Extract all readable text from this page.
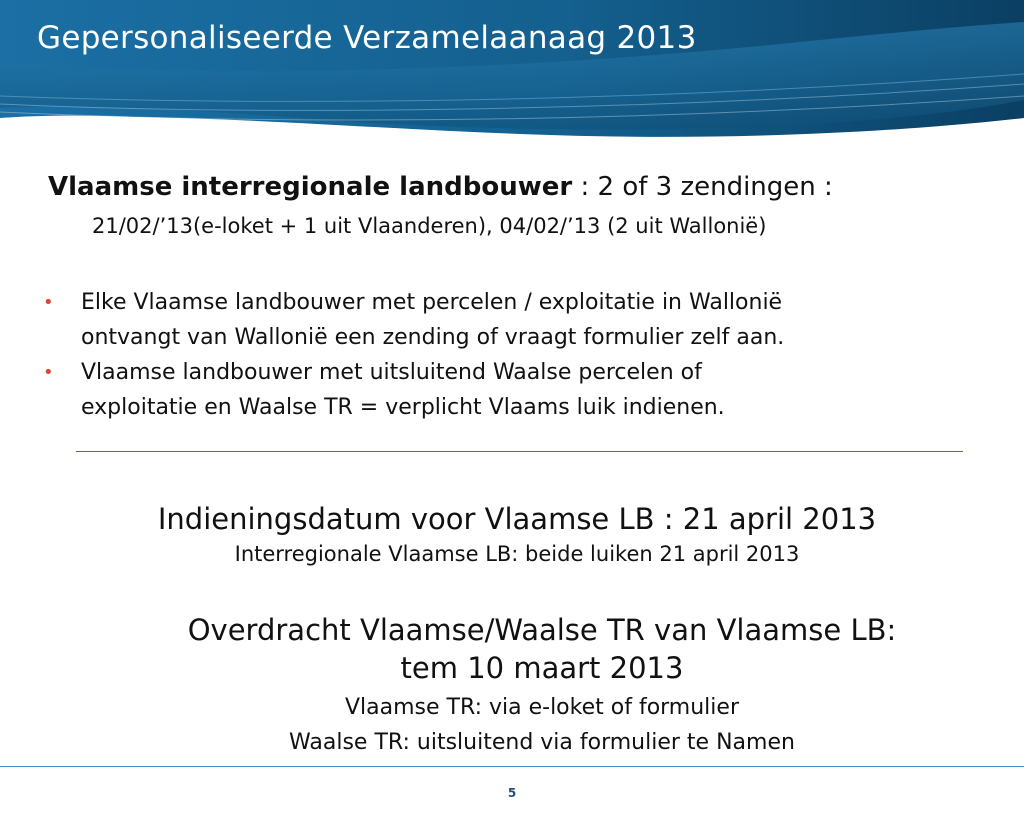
Gepersonaliseerde Verzamelaanaag 2013
Vlaamse interregionale landbouwer : 2 of 3 zendingen :
21/02/’13(e-loket + 1 uit Vlaanderen), 04/02/’13 (2 uit Wallonië)
• Elke Vlaamse landbouwer met percelen / exploitatie in Wallonië
ontvangt van Wallonië een zending of vraagt formulier zelf aan.
• Vlaamse landbouwer met uitsluitend Waalse percelen of
exploitatie en Waalse TR = verplicht Vlaams luik indienen.
Indieningsdatum voor Vlaamse LB : 21 april 2013
Interregionale Vlaamse LB: beide luiken 21 april 2013
Overdracht Vlaamse/Waalse TR van Vlaamse LB:
tem 10 maart 2013
Vlaamse TR: via e-loket of formulier
Waalse TR: uitsluitend via formulier te Namen
5
